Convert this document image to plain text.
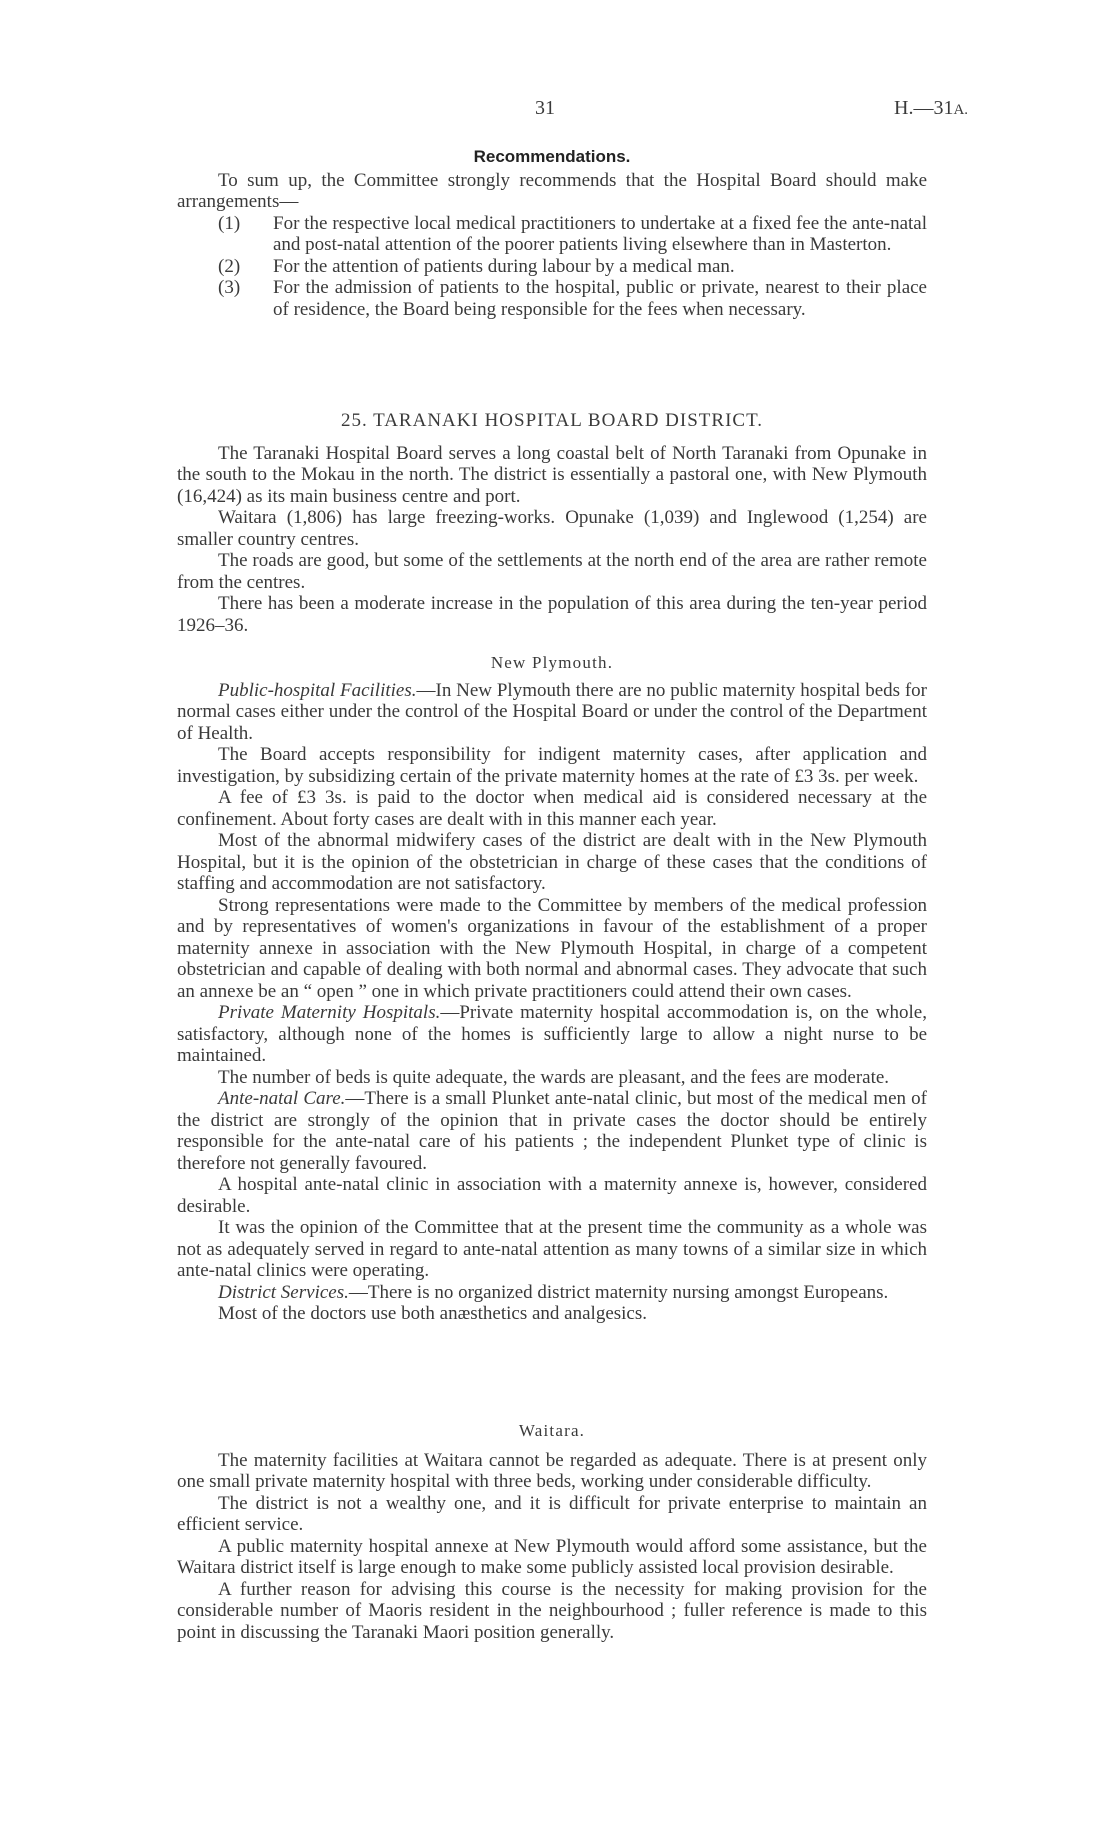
31	H.—31A.
Recommendations.

To sum up, the Committee strongly recommends that the Hospital Board should make arrangements—

(1) For the respective local medical practitioners to undertake at a fixed fee the ante-natal and post-natal attention of the poorer patients living elsewhere than in Masterton.

(2) For the attention of patients during labour by a medical man.

(3) For the admission of patients to the hospital, public or private, nearest to their place of residence, the Board being responsible for the fees when necessary.

25. TARANAKI HOSPITAL BOARD DISTRICT.

The Taranaki Hospital Board serves a long coastal belt of North Taranaki from Opunake in the south to the Mokau in the north. The district is essentially a pastoral one, with New Plymouth (16,424) as its main business centre and port.

Waitara (1,806) has large freezing-works. Opunake (1,039) and Inglewood (1,254) are smaller country centres.

The roads are good, but some of the settlements at the north end of the area are rather remote from the centres.

There has been a moderate increase in the population of this area during the ten-year period 1926–36.

New Plymouth.

Public-hospital Facilities.—In New Plymouth there are no public maternity hospital beds for normal cases either under the control of the Hospital Board or under the control of the Department of Health.

The Board accepts responsibility for indigent maternity cases, after application and investigation, by subsidizing certain of the private maternity homes at the rate of £3 3s. per week.

A fee of £3 3s. is paid to the doctor when medical aid is considered necessary at the confinement. About forty cases are dealt with in this manner each year.

Most of the abnormal midwifery cases of the district are dealt with in the New Plymouth Hospital, but it is the opinion of the obstetrician in charge of these cases that the conditions of staffing and accommodation are not satisfactory.

Strong representations were made to the Committee by members of the medical profession and by representatives of women's organizations in favour of the establishment of a proper maternity annexe in association with the New Plymouth Hospital, in charge of a competent obstetrician and capable of dealing with both normal and abnormal cases. They advocate that such an annexe be an “ open ” one in which private practitioners could attend their own cases.

Private Maternity Hospitals.—Private maternity hospital accommodation is, on the whole, satisfactory, although none of the homes is sufficiently large to allow a night nurse to be maintained.

The number of beds is quite adequate, the wards are pleasant, and the fees are moderate.

Ante-natal Care.—There is a small Plunket ante-natal clinic, but most of the medical men of the district are strongly of the opinion that in private cases the doctor should be entirely responsible for the ante-natal care of his patients ; the independent Plunket type of clinic is therefore not generally favoured.

A hospital ante-natal clinic in association with a maternity annexe is, however, considered desirable.

It was the opinion of the Committee that at the present time the community as a whole was not as adequately served in regard to ante-natal attention as many towns of a similar size in which ante-natal clinics were operating.

District Services.—There is no organized district maternity nursing amongst Europeans.

Most of the doctors use both anæsthetics and analgesics.

Waitara.

The maternity facilities at Waitara cannot be regarded as adequate. There is at present only one small private maternity hospital with three beds, working under considerable difficulty.

The district is not a wealthy one, and it is difficult for private enterprise to maintain an efficient service.

A public maternity hospital annexe at New Plymouth would afford some assistance, but the Waitara district itself is large enough to make some publicly assisted local provision desirable.

A further reason for advising this course is the necessity for making provision for the considerable number of Maoris resident in the neighbourhood ; fuller reference is made to this point in discussing the Taranaki Maori position generally.
